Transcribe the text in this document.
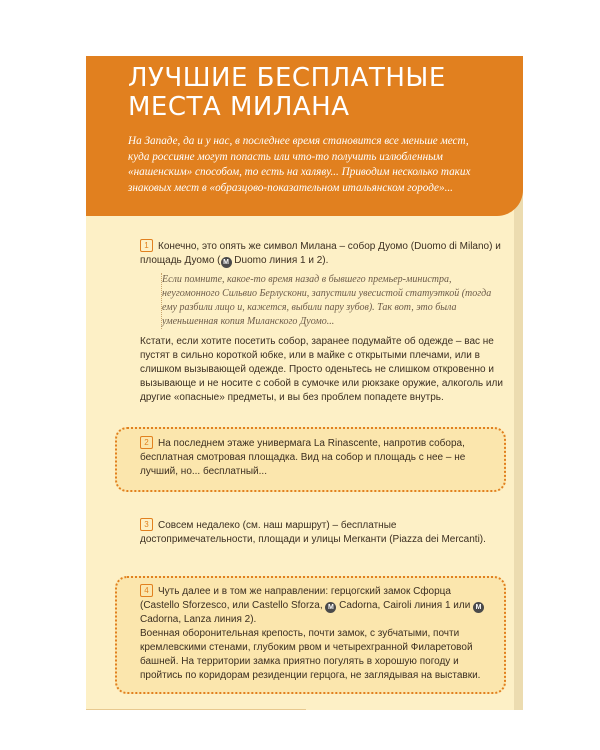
ЛУЧШИЕ БЕСПЛАТНЫЕ
МЕСТА МИЛАНА

На Западе, да и у нас, в последнее время становится все меньше мест, куда россияне могут попасть или что-то получить излюбленным «нашенским» способом, то есть на халяву... Приводим несколько таких знаковых мест в «образцово-показательном итальянском городе»...

1 Конечно, это опять же символ Милана – собор Дуомо (Duomo di Milano) и площадь Дуомо ( M Duomo линия 1 и 2).

Если помните, какое-то время назад в бывшего премьер-министра, неугомонного Сильвио Берлускони, запустили увесистой статуэткой (тогда ему разбили лицо и, кажется, выбили пару зубов). Так вот, это была уменьшенная копия Миланского Дуомо...

Кстати, если хотите посетить собор, заранее подумайте об одежде – вас не пустят в сильно короткой юбке, или в майке с открытыми плечами, или в слишком вызывающей одежде. Просто оденьтесь не слишком откровенно и вызывающе и не носите с собой в сумочке или рюкзаке оружие, алкоголь или другие «опасные» предметы, и вы без проблем попадете внутрь.

2 На последнем этаже универмага La Rinascente, напротив собора, бесплатная смотровая площадка. Вид на собор и площадь с нее – не лучший, но... бесплатный...

3 Совсем недалеко (см. наш маршрут) – бесплатные достопримечательности, площади и улицы Merканти (Piazza dei Mercanti).

4 Чуть далее и в том же направлении: герцогский замок Сфорца (Castello Sforzesco, или Castello Sforza, M Cadorna, Cairoli линия 1 или M Cadorna, Lanza линия 2).

Военная оборонительная крепость, почти замок, с зубчатыми, почти кремлевскими стенами, глубоким рвом и четырехгранной Филаретовой башней. На территории замка приятно погулять в хорошую погоду и пройтись по коридорам резиденции герцога, не заглядывая на выставки.
